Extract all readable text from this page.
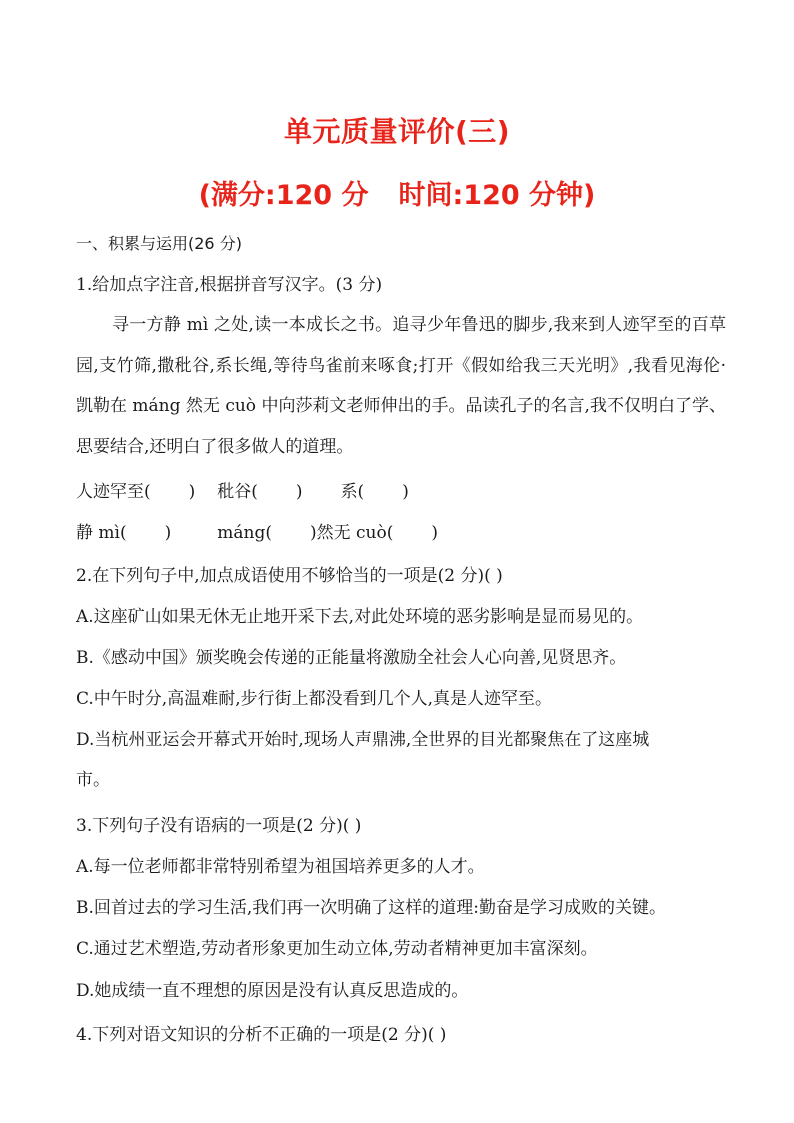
单元质量评价(三)
(满分:120 分 时间:120 分钟)
一、积累与运用(26 分)
1.给加点字注音,根据拼音写汉字。(3 分)
寻一方静 mì 之处,读一本成长之书。追寻少年鲁迅的脚步,我来到人迹罕至的百草园,支竹筛,撒秕谷,系长绳,等待鸟雀前来啄食;打开《假如给我三天光明》,我看见海伦·凯勒在 máng 然无 cuò 中向莎莉文老师伸出的手。品读孔子的名言,我不仅明白了学、思要结合,还明白了很多做人的道理。
人迹罕至( ) 秕谷( ) 系( )
静 mì( )	máng( )然无 cuò( )
2.在下列句子中,加点成语使用不够恰当的一项是(2 分)( )
A.这座矿山如果无休无止地开采下去,对此处环境的恶劣影响是显而易见的。
B.《感动中国》颁奖晚会传递的正能量将激励全社会人心向善,见贤思齐。
C.中午时分,高温难耐,步行街上都没看到几个人,真是人迹罕至。
D.当杭州亚运会开幕式开始时,现场人声鼎沸,全世界的目光都聚焦在了这座城
市。
3.下列句子没有语病的一项是(2 分)( )
A.每一位老师都非常特别希望为祖国培养更多的人才。
B.回首过去的学习生活,我们再一次明确了这样的道理:勤奋是学习成败的关键。
C.通过艺术塑造,劳动者形象更加生动立体,劳动者精神更加丰富深刻。
D.她成绩一直不理想的原因是没有认真反思造成的。
4.下列对语文知识的分析不正确的一项是(2 分)( )
